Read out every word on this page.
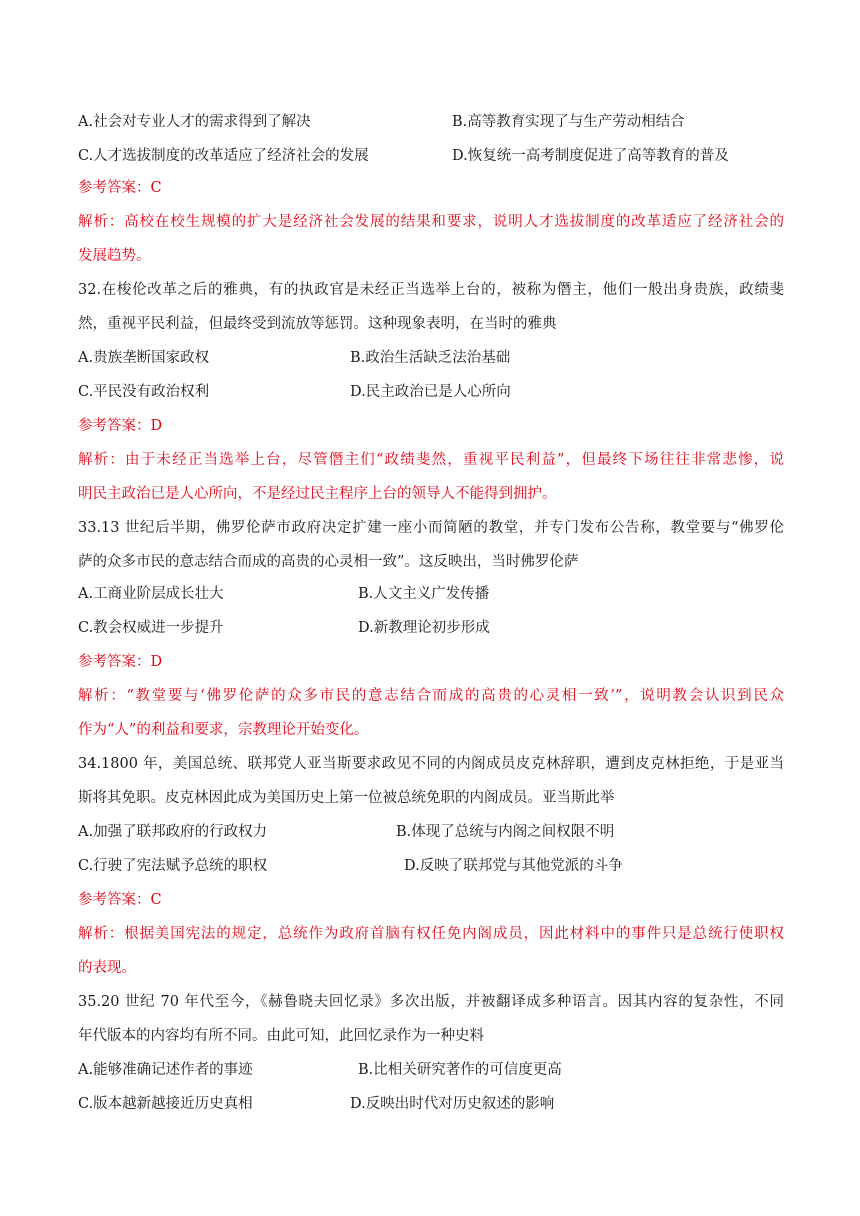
A.社会对专业人才的需求得到了解决	B.高等教育实现了与生产劳动相结合
C.人才选拔制度的改革适应了经济社会的发展	D.恢复统一高考制度促进了高等教育的普及
参考答案：C
解析：高校在校生规模的扩大是经济社会发展的结果和要求，说明人才选拔制度的改革适应了经济社会的
发展趋势。
32.在梭伦改革之后的雅典，有的执政官是未经正当选举上台的，被称为僭主，他们一般出身贵族，政绩斐
然，重视平民利益，但最终受到流放等惩罚。这种现象表明，在当时的雅典
A.贵族垄断国家政权	B.政治生活缺乏法治基础
C.平民没有政治权利	D.民主政治已是人心所向
参考答案：D
解析：由于未经正当选举上台，尽管僭主们“政绩斐然，重视平民利益”，但最终下场往往非常悲惨，说
明民主政治已是人心所向，不是经过民主程序上台的领导人不能得到拥护。
33.13 世纪后半期，佛罗伦萨市政府决定扩建一座小而简陋的教堂，并专门发布公告称，教堂要与“佛罗伦
萨的众多市民的意志结合而成的高贵的心灵相一致”。这反映出，当时佛罗伦萨
A.工商业阶层成长壮大	B.人文主义广发传播
C.教会权威进一步提升	D.新教理论初步形成
参考答案：D
解析：“教堂要与‘佛罗伦萨的众多市民的意志结合而成的高贵的心灵相一致’”，说明教会认识到民众
作为“人”的利益和要求，宗教理论开始变化。
34.1800 年，美国总统、联邦党人亚当斯要求政见不同的内阁成员皮克林辞职，遭到皮克林拒绝，于是亚当
斯将其免职。皮克林因此成为美国历史上第一位被总统免职的内阁成员。亚当斯此举
A.加强了联邦政府的行政权力	B.体现了总统与内阁之间权限不明
C.行驶了宪法赋予总统的职权	D.反映了联邦党与其他党派的斗争
参考答案：C
解析：根据美国宪法的规定，总统作为政府首脑有权任免内阁成员，因此材料中的事件只是总统行使职权
的表现。
35.20 世纪 70 年代至今，《赫鲁晓夫回忆录》多次出版，并被翻译成多种语言。因其内容的复杂性，不同
年代版本的内容均有所不同。由此可知，此回忆录作为一种史料
A.能够准确记述作者的事迹	B.比相关研究著作的可信度更高
C.版本越新越接近历史真相	D.反映出时代对历史叙述的影响
